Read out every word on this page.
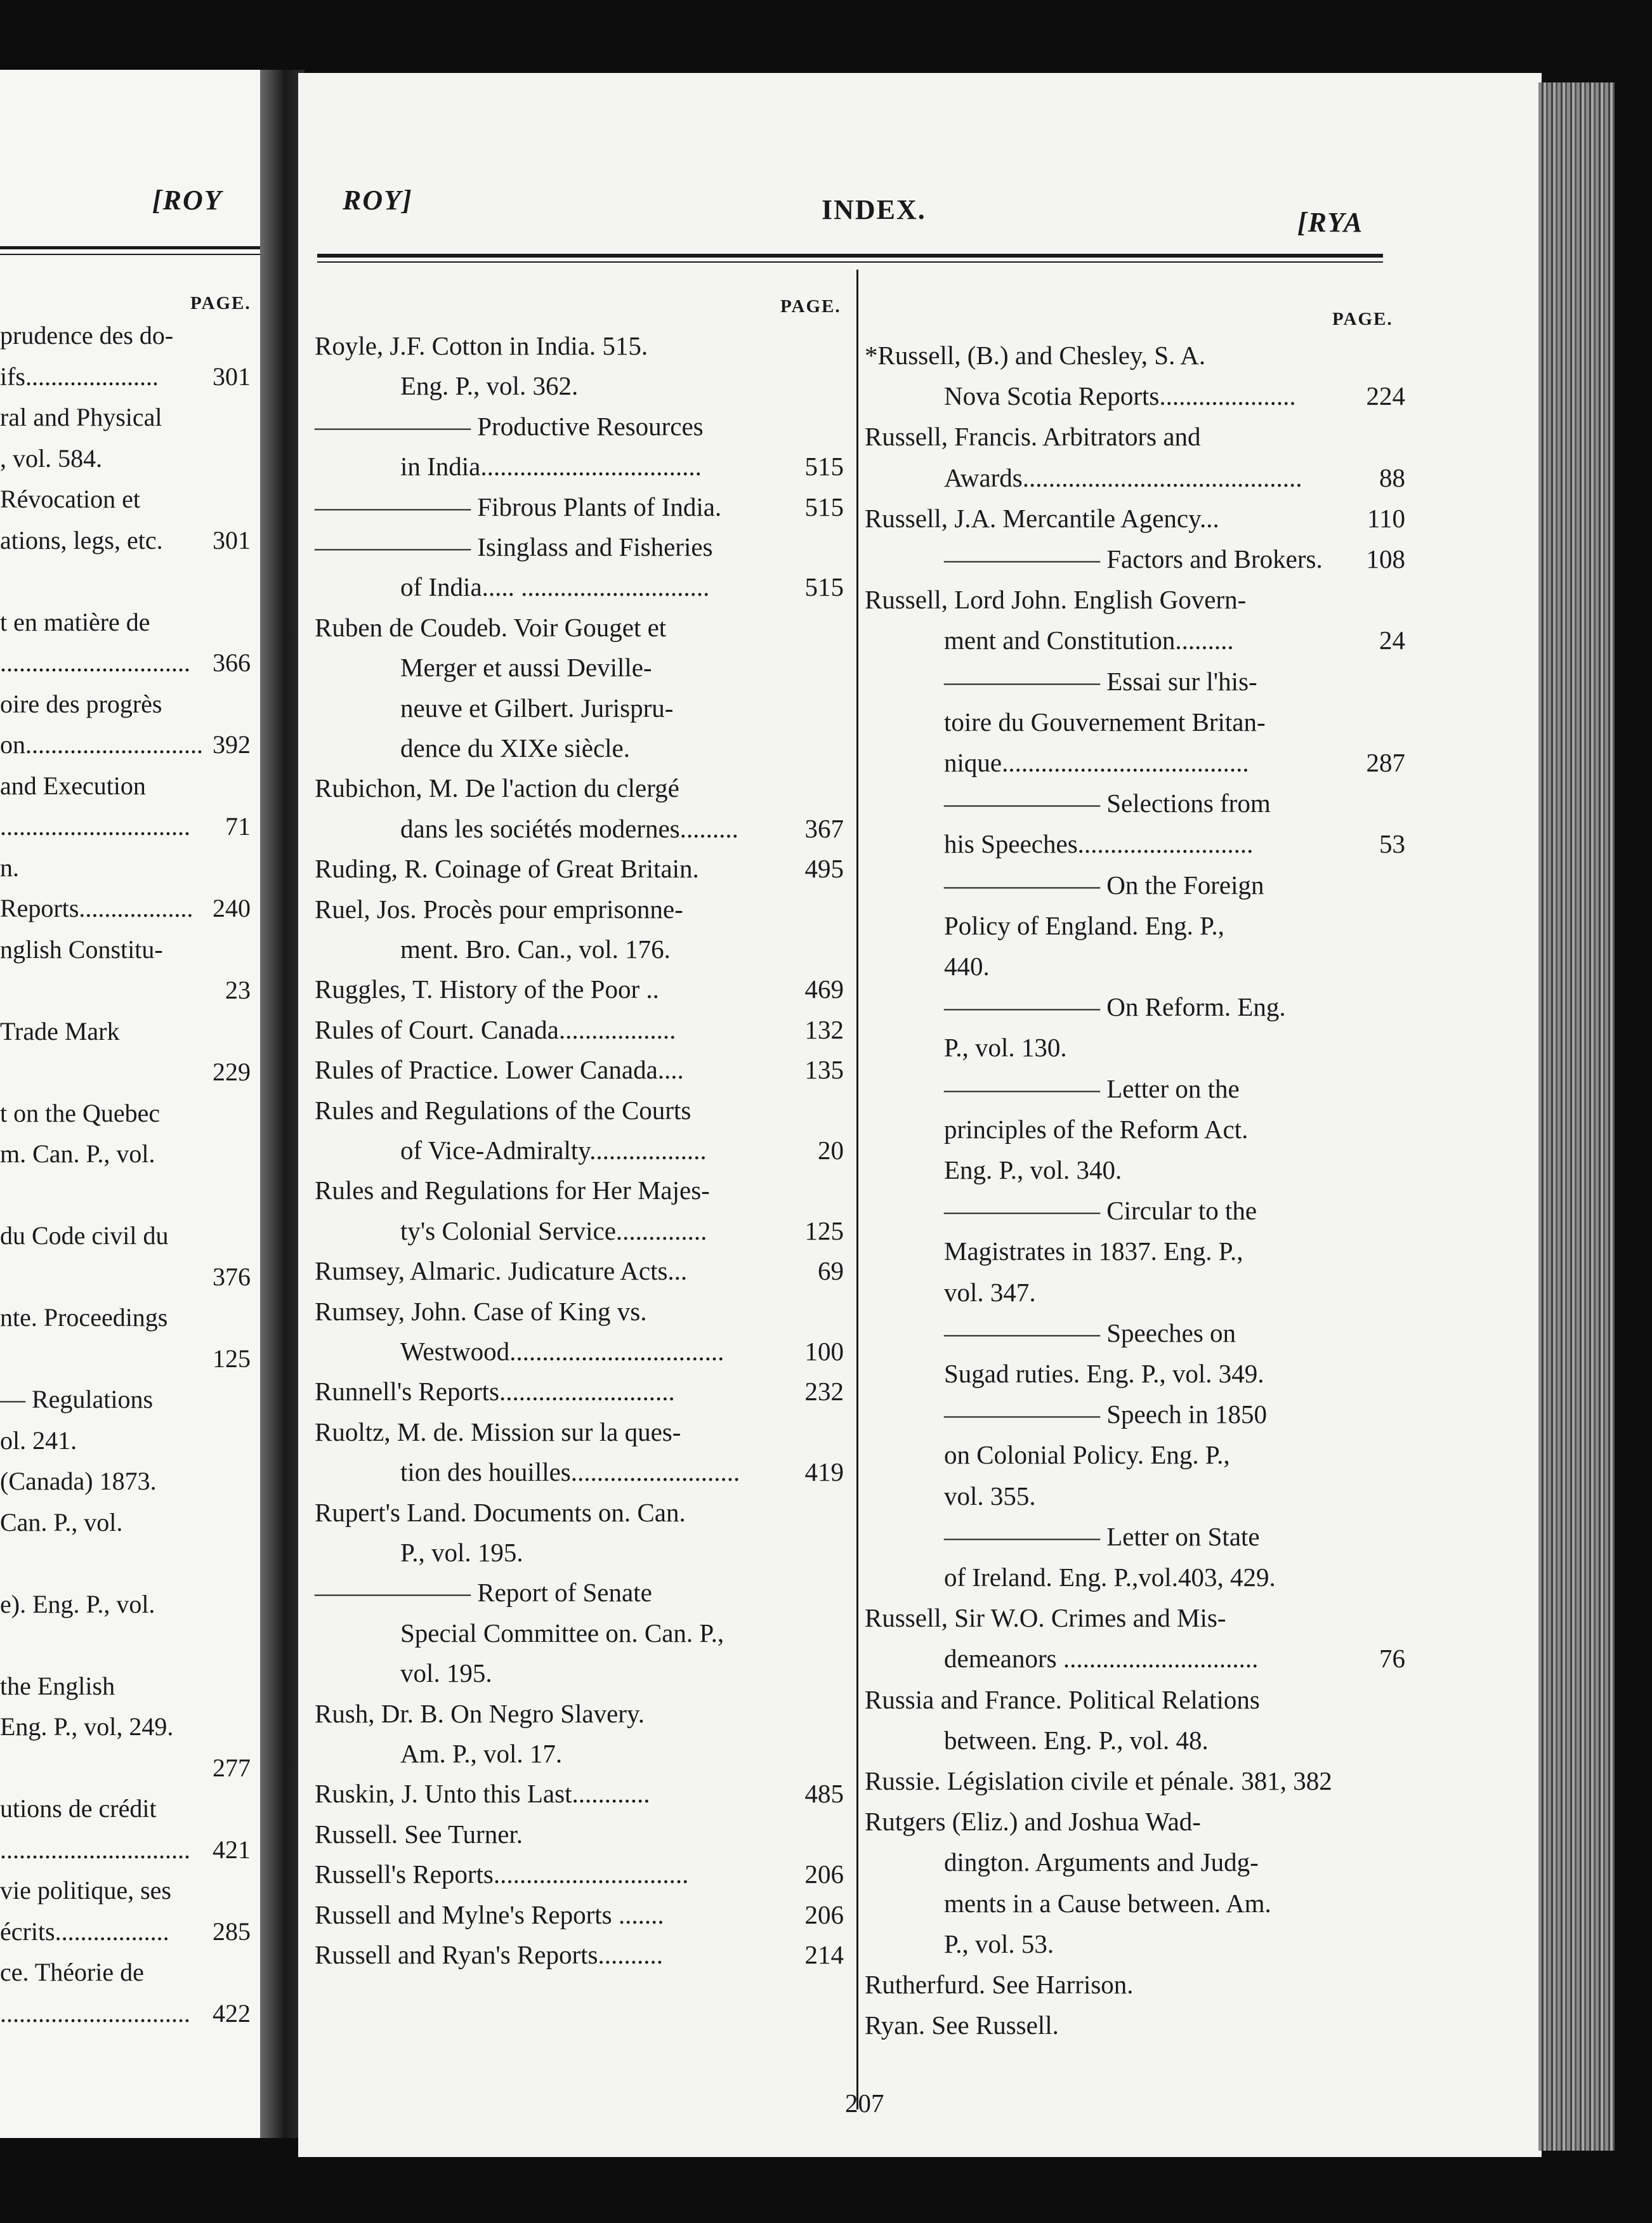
[ROY
PAGE.
prudence des do-
ifs..................... 301
ral and Physical
, vol. 584.
Révocation et
ations, legs, etc. 301
t en matière de
.............................. 366
oire des progrès
on............................ 392
and Execution
.............................. 71
n.
Reports.................. 240
nglish Constitu-
23
Trade Mark
229
t on the Quebec
m. Can. P., vol.
du Code civil du
376
nte. Proceedings
125
— Regulations
ol. 241.
(Canada) 1873.
Can. P., vol.
e). Eng. P., vol.
the English
Eng. P., vol, 249.
277
utions de crédit
.............................. 421
vie politique, ses
écrits.................. 285
ce. Théorie de
.............................. 422
ROY]	INDEX.	[RYA
PAGE.
PAGE.
Royle, J.F. Cotton in India. 515.
Eng. P., vol. 362.
—————— Productive Resources
in India..................................	515
—————— Fibrous Plants of India.	515
—————— Isinglass and Fisheries
of India..... .............................	515
Ruben de Coudeb. Voir Gouget et
Merger et aussi Deville-
neuve et Gilbert. Jurispru-
dence du XIXe siècle.
Rubichon, M. De l'action du clergé
dans les sociétés modernes.........	367
Ruding, R. Coinage of Great Britain.	495
Ruel, Jos. Procès pour emprisonne-
ment. Bro. Can., vol. 176.
Ruggles, T. History of the Poor ..	469
Rules of Court. Canada..................	132
Rules of Practice. Lower Canada....	135
Rules and Regulations of the Courts
of Vice-Admiralty..................	20
Rules and Regulations for Her Majes-
ty's Colonial Service..............	125
Rumsey, Almaric. Judicature Acts...	69
Rumsey, John. Case of King vs.
Westwood.................................	100
Runnell's Reports...........................	232
Ruoltz, M. de. Mission sur la ques-
tion des houilles.......................... 419
Rupert's Land. Documents on. Can.
P., vol. 195.
—————— Report of Senate
Special Committee on. Can. P.,
vol. 195.
Rush, Dr. B. On Negro Slavery.
Am. P., vol. 17.
Ruskin, J. Unto this Last............	485
Russell. See Turner.
Russell's Reports..............................	206
Russell and Mylne's Reports .......	206
Russell and Ryan's Reports..........	214
*Russell, (B.) and Chesley, S. A.
Nova Scotia Reports.....................	224
Russell, Francis. Arbitrators and
Awards...........................................	88
Russell, J.A. Mercantile Agency...	110
—————— Factors and Brokers. 108
Russell, Lord John. English Govern-
ment and Constitution.........	24
—————— Essai sur l'his-
toire du Gouvernement Britan-
nique......................................	287
—————— Selections from
his Speeches...........................	53
—————— On the Foreign
Policy of England. Eng. P.,
440.
—————— On Reform. Eng.
P., vol. 130.
—————— Letter on the
principles of the Reform Act.
Eng. P., vol. 340.
—————— Circular to the
Magistrates in 1837. Eng. P.,
vol. 347.
—————— Speeches on
Sugad ruties. Eng. P., vol. 349.
—————— Speech in 1850
on Colonial Policy. Eng. P.,
vol. 355.
—————— Letter on State
of Ireland. Eng. P.,vol.403, 429.
Russell, Sir W.O. Crimes and Mis-
demeanors ..............................	76
Russia and France. Political Relations
between. Eng. P., vol. 48.
Russie. Législation civile et pénale. 381, 382
Rutgers (Eliz.) and Joshua Wad-
dington. Arguments and Judg-
ments in a Cause between. Am.
P., vol. 53.
Rutherfurd. See Harrison.
Ryan. See Russell.
207
